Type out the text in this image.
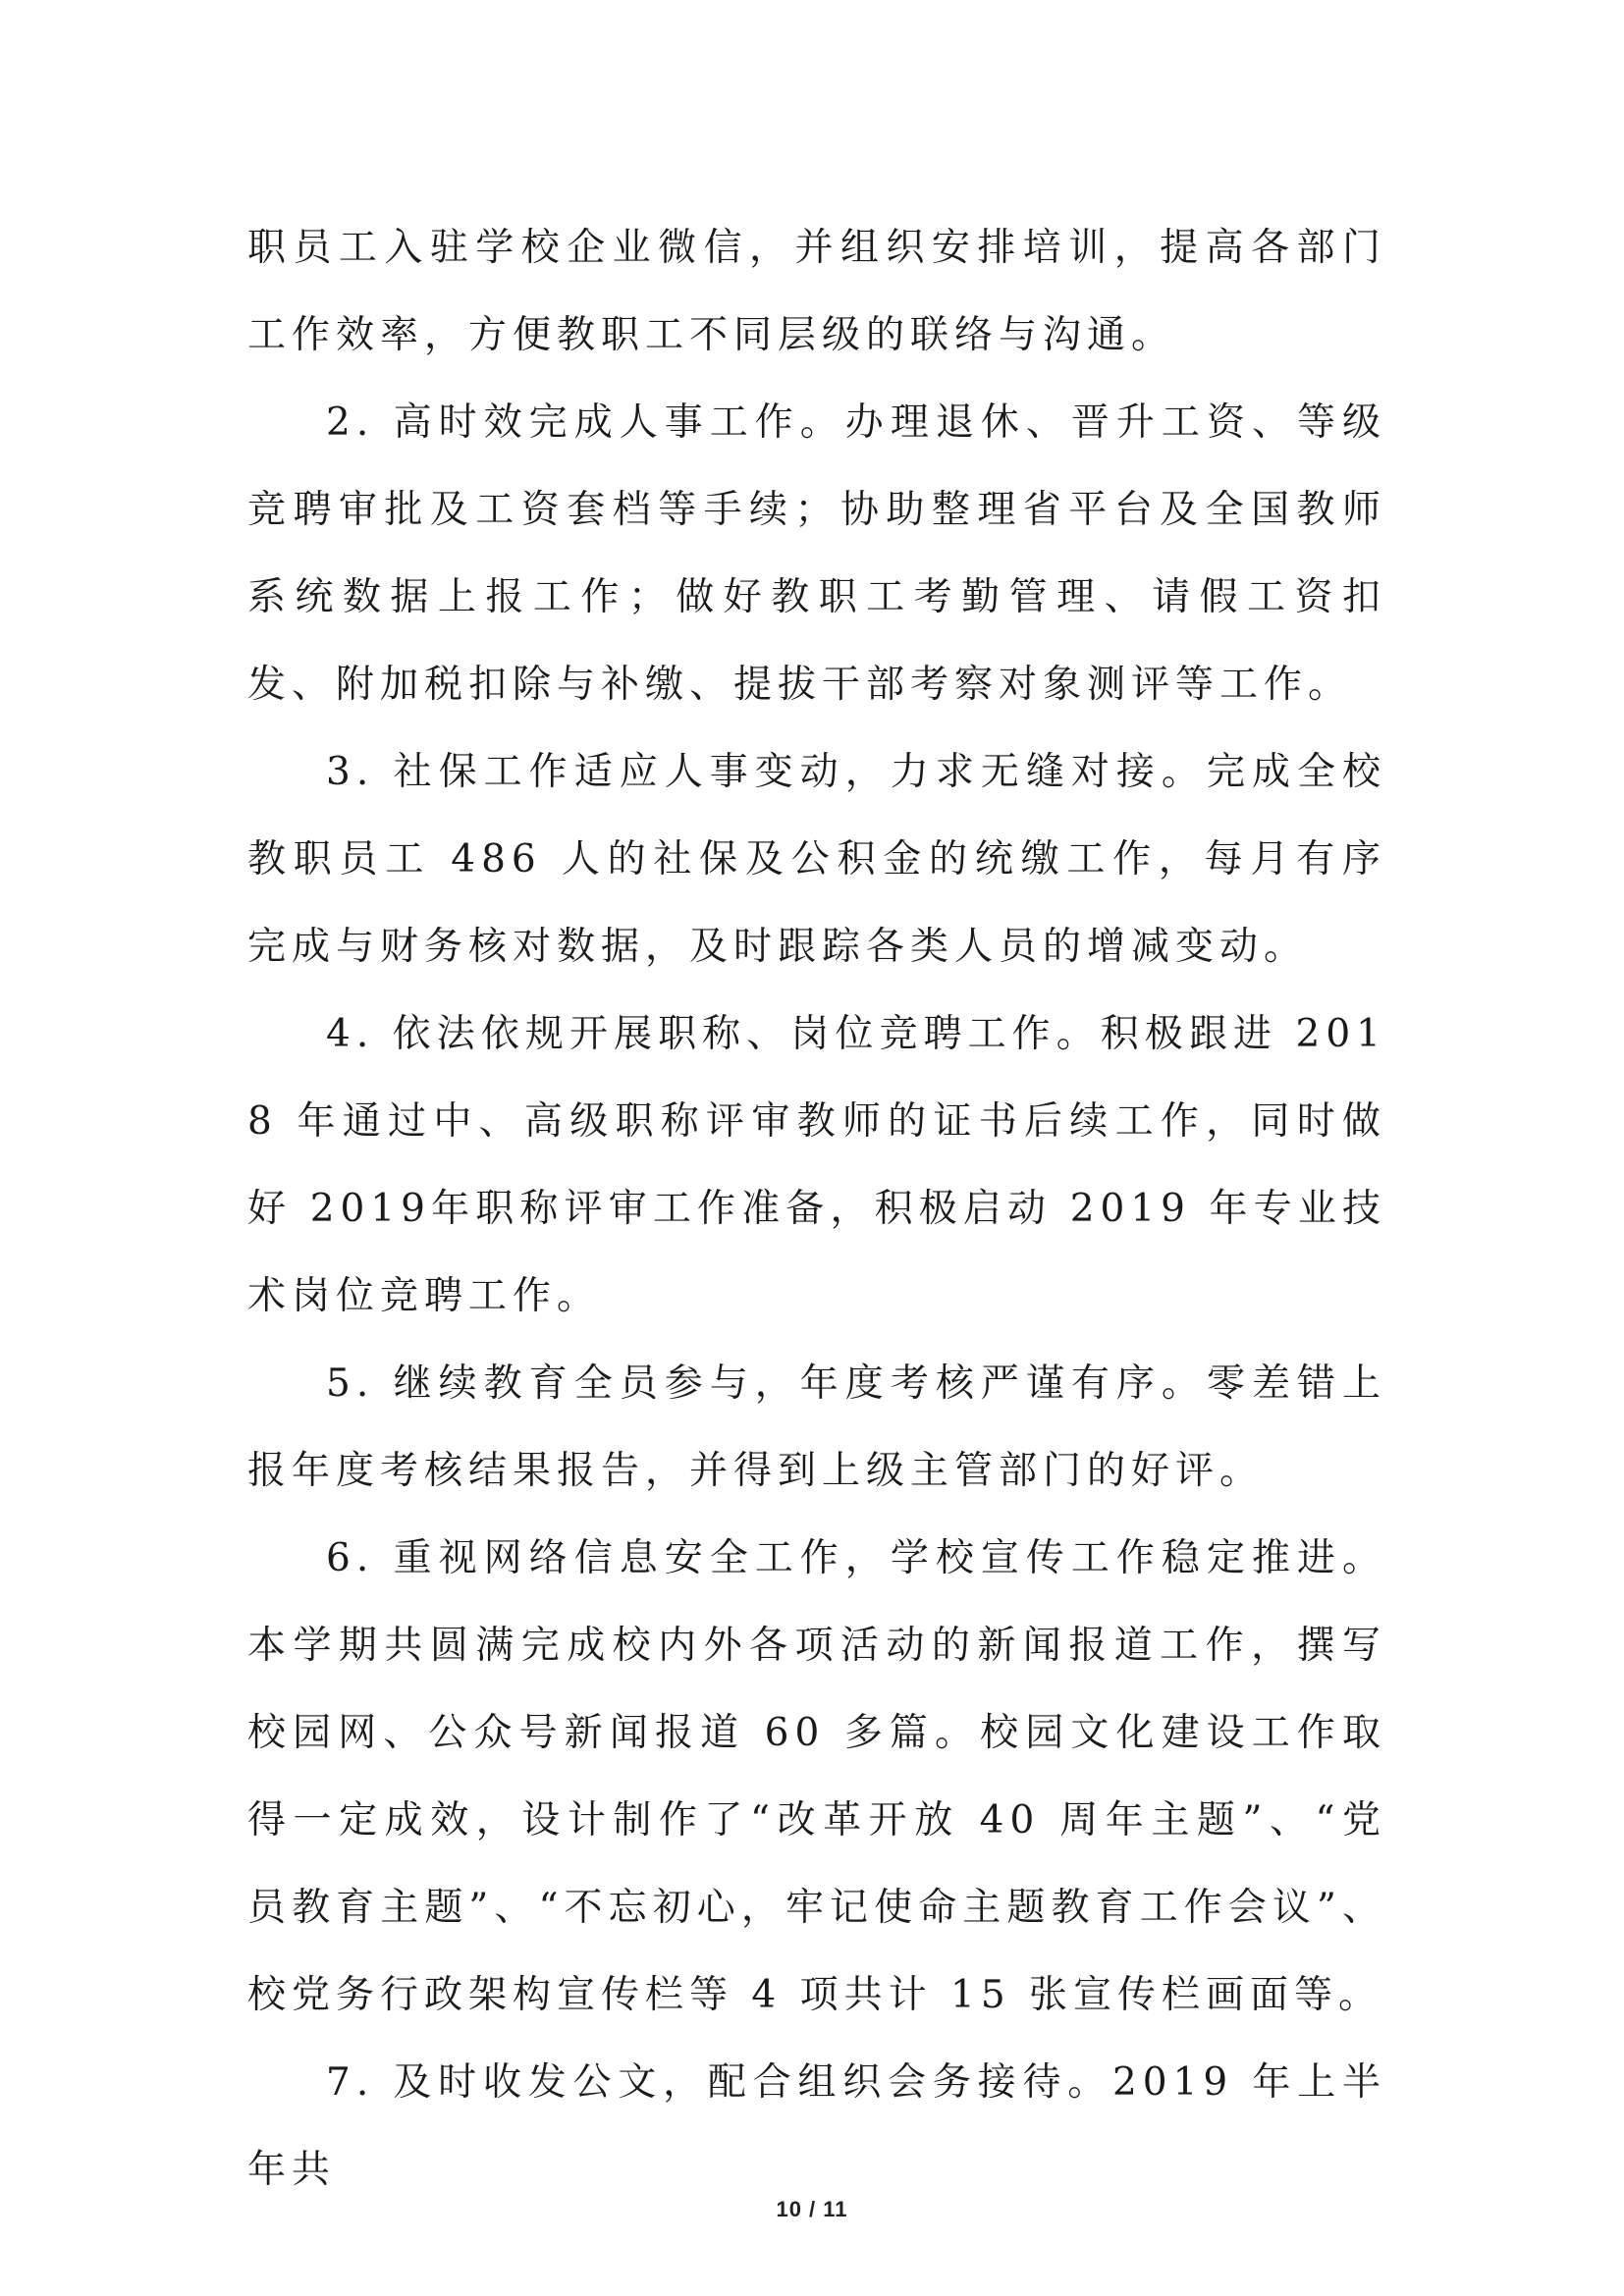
职员工入驻学校企业微信，并组织安排培训，提高各部门工作效率，方便教职工不同层级的联络与沟通。

2. 高时效完成人事工作。办理退休、晋升工资、等级竞聘审批及工资套档等手续；协助整理省平台及全国教师系统数据上报工作；做好教职工考勤管理、请假工资扣发、附加税扣除与补缴、提拔干部考察对象测评等工作。

3. 社保工作适应人事变动，力求无缝对接。完成全校教职员工 486 人的社保及公积金的统缴工作，每月有序完成与财务核对数据，及时跟踪各类人员的增减变动。

4. 依法依规开展职称、岗位竞聘工作。积极跟进 2018 年通过中、高级职称评审教师的证书后续工作，同时做好 2019年职称评审工作准备，积极启动 2019 年专业技术岗位竞聘工作。

5. 继续教育全员参与，年度考核严谨有序。零差错上报年度考核结果报告，并得到上级主管部门的好评。

6. 重视网络信息安全工作，学校宣传工作稳定推进。本学期共圆满完成校内外各项活动的新闻报道工作，撰写校园网、公众号新闻报道 60 多篇。校园文化建设工作取得一定成效，设计制作了“改革开放 40 周年主题”、“党员教育主题”、“不忘初心，牢记使命主题教育工作会议”、校党务行政架构宣传栏等 4 项共计 15 张宣传栏画面等。

7. 及时收发公文，配合组织会务接待。2019 年上半年共

10 / 11
